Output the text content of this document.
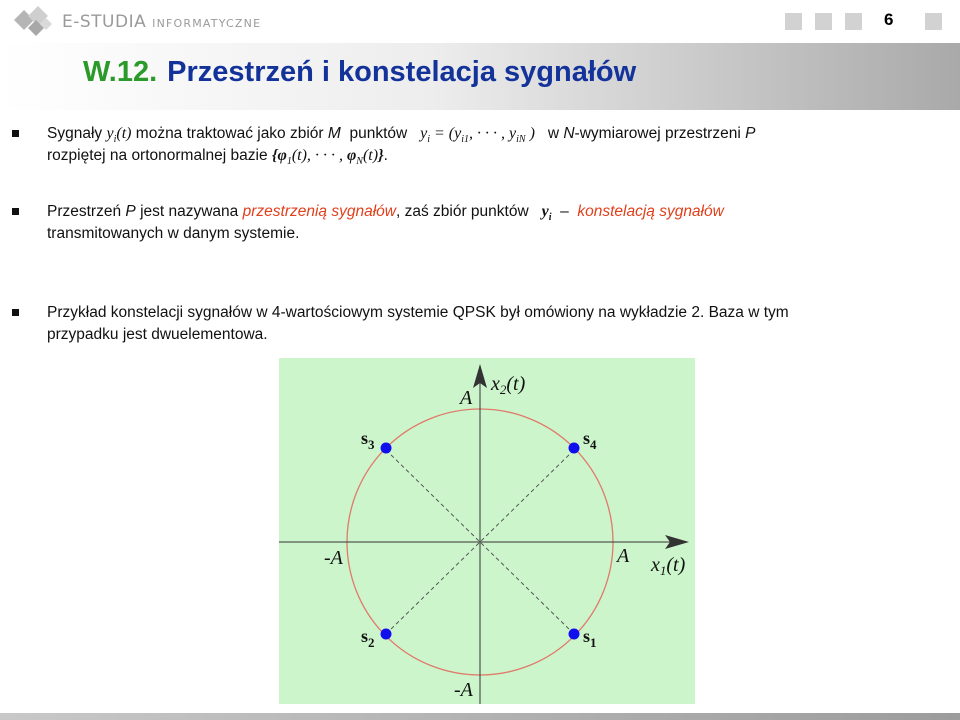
E-STUDIA INFORMATYCZNE	6
W.12. Przestrzeń i konstelacja sygnałów
Sygnały $y_i(t)$ można traktować jako zbiór M punktów $y_i = (y_{i1}$, · · · , $y_{iN}$ ) w N-wymiarowej przestrzeni P
rozpiętej na ortonormalnej bazie {$\varphi_1(t)$, · · · , $\varphi_N(t)$}.
Przestrzeń P jest nazywana przestrzenią sygnałów, zaś zbiór punktów $y_i$ – konstelacją sygnałów
transmitowanych w danym systemie.
Przykład konstelacji sygnałów w 4-wartościowym systemie QPSK był omówiony na wykładzie 2. Baza w tym
przypadku jest dwuelementowa.
$x_2(t)$
$x_1(t)$
A
A
-A
-A
$s_3$	$s_4$
$s_2$	$s_1$
